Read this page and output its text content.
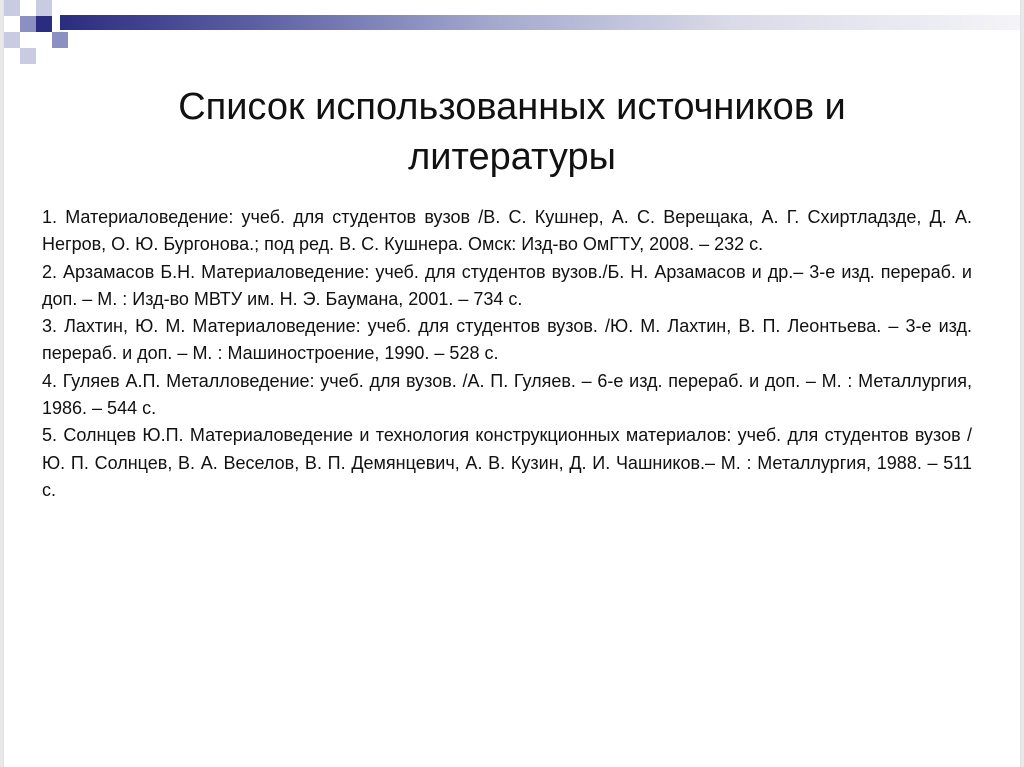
Список использованных источников и
литературы
1. Материаловедение: учеб. для студентов вузов /В. С. Кушнер, А. С. Верещака, А. Г. Схиртладзде, Д. А. Негров, О. Ю. Бургонова.; под ред. В. С. Кушнера. Омск: Изд-во ОмГТУ, 2008. – 232 с.
2. Арзамасов Б.Н. Материаловедение: учеб. для студентов вузов./Б. Н. Арзамасов и др.– 3-е изд. перераб. и доп. – М. : Изд-во МВТУ им. Н. Э. Баумана, 2001. – 734 с.
3. Лахтин, Ю. М. Материаловедение: учеб. для студентов вузов. /Ю. М. Лахтин, В. П. Леонтьева. – 3-е изд. перераб. и доп. – М. : Машиностроение, 1990. – 528 с.
4. Гуляев А.П. Металловедение: учеб. для вузов. /А. П. Гуляев. – 6-е изд. перераб. и доп. – М. : Металлургия, 1986. – 544 с.
5. Солнцев Ю.П. Материаловедение и технология конструкционных материалов: учеб. для студентов вузов /Ю. П. Солнцев, В. А. Веселов, В. П. Демянцевич, А. В. Кузин, Д. И. Чашников.– М. : Металлургия, 1988. – 511 с.
